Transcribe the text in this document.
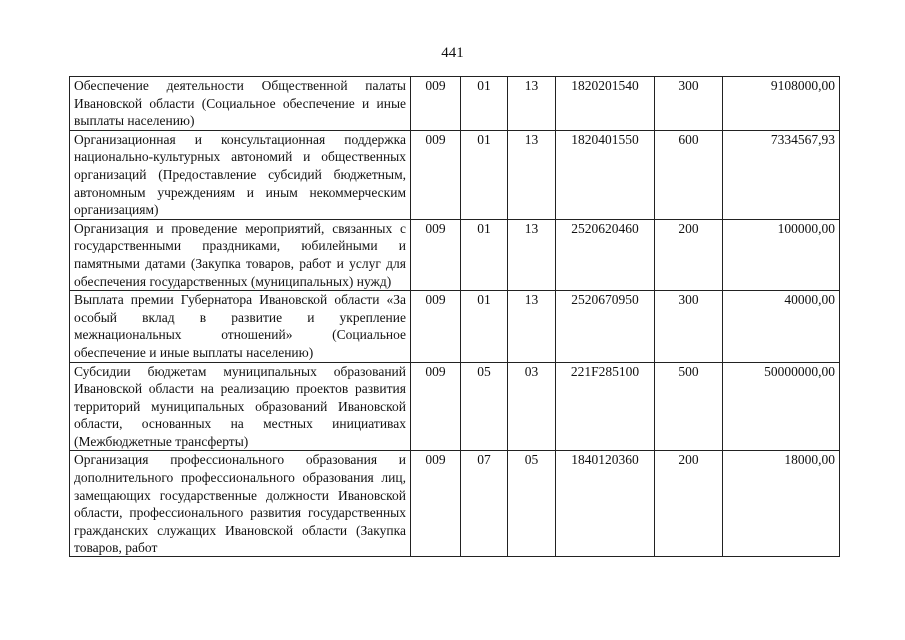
441
Обеспечение деятельности Общественной палаты Ивановской области (Социальное обеспечение и иные выплаты населению)	009	01	13	1820201540	300	9108000,00
Организационная и консультационная поддержка национально-культурных автономий и общественных организаций (Предоставление субсидий бюджетным, автономным учреждениям и иным некоммерческим организациям)	009	01	13	1820401550	600	7334567,93
Организация и проведение мероприятий, связанных с государственными праздниками, юбилейными и памятными датами (Закупка товаров, работ и услуг для обеспечения государственных (муниципальных) нужд)	009	01	13	2520620460	200	100000,00
Выплата премии Губернатора Ивановской области «За особый вклад в развитие и укрепление межнациональных отношений» (Социальное обеспечение и иные выплаты населению)	009	01	13	2520670950	300	40000,00
Субсидии бюджетам муниципальных образований Ивановской области на реализацию проектов развития территорий муниципальных образований Ивановской области, основанных на местных инициативах (Межбюджетные трансферты)	009	05	03	221F285100	500	50000000,00

Организация профессионального образования и дополнительного профессионального образования лиц, замещающих государственные должности Ивановской области, профессионального развития государственных гражданских служащих Ивановской области (Закупка товаров, работ	009	07	05	1840120360	200	18000,00
